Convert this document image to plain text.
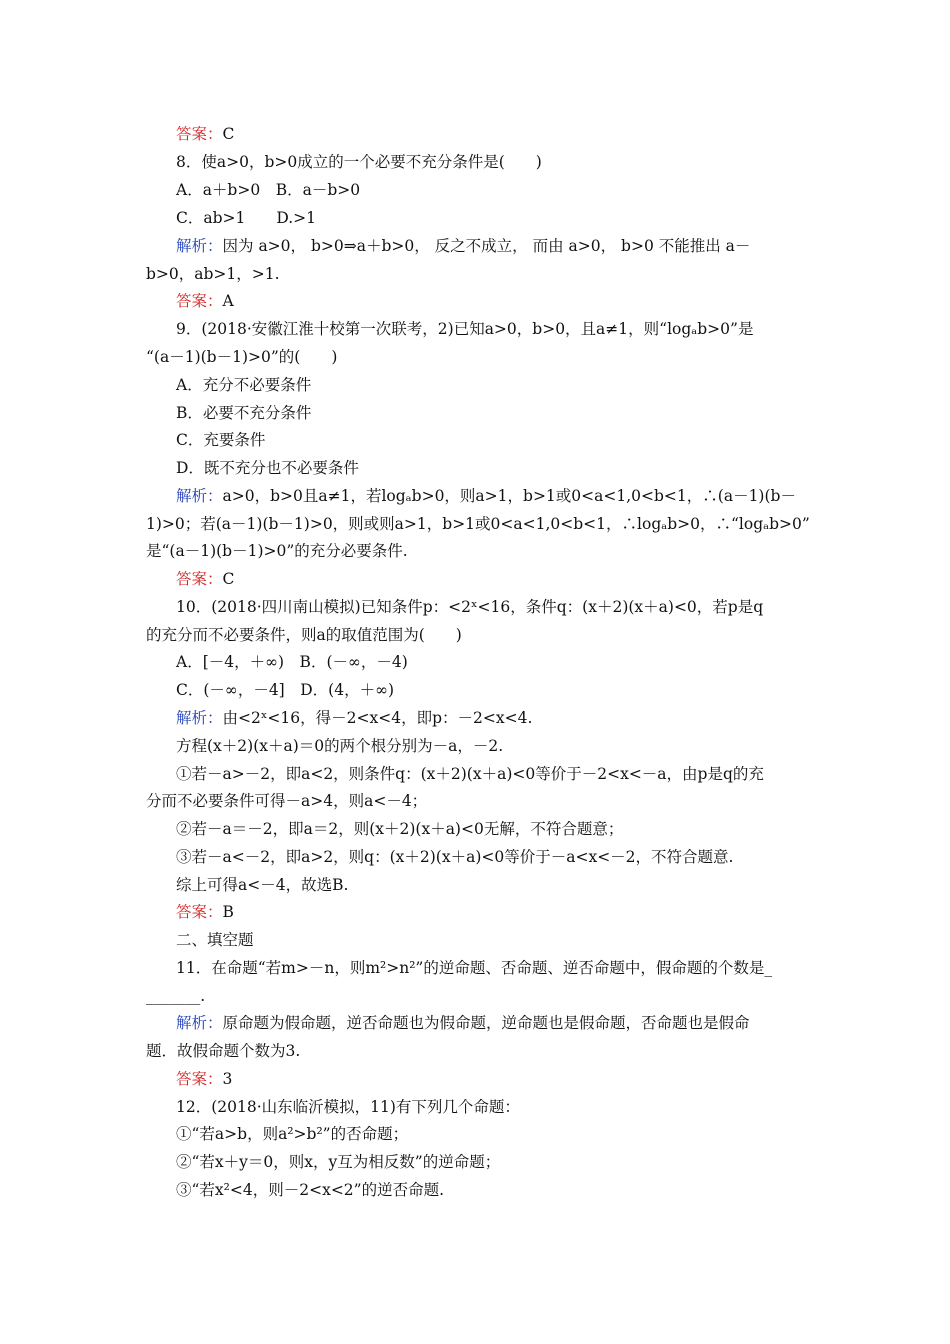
答案：C
8．使a>0，b>0成立的一个必要不充分条件是(　　)
A．a＋b>0　B．a－b>0
C．ab>1　　D.>1
解析：因为 a>0， b>0⇒a＋b>0， 反之不成立， 而由 a>0， b>0 不能推出 a－
b>0，ab>1，>1.
答案：A
9．(2018·安徽江淮十校第一次联考，2)已知a>0，b>0，且a≠1，则“logₐb>0”是
“(a－1)(b－1)>0”的(　　)
A．充分不必要条件
B．必要不充分条件
C．充要条件
D．既不充分也不必要条件
解析：a>0，b>0且a≠1，若logₐb>0，则a>1，b>1或0<a<1,0<b<1，∴(a－1)(b－
1)>0；若(a－1)(b－1)>0，则或则a>1，b>1或0<a<1,0<b<1，∴logₐb>0，∴“logₐb>0”
是“(a－1)(b－1)>0”的充分必要条件.
答案：C
10．(2018·四川南山模拟)已知条件p：<2ˣ<16，条件q：(x＋2)(x＋a)<0，若p是q
的充分而不必要条件，则a的取值范围为(　　)
A．[－4，＋∞)　B．(－∞，－4)
C．(－∞，－4]　D．(4，＋∞)
解析：由<2ˣ<16，得－2<x<4，即p：－2<x<4.
方程(x＋2)(x＋a)＝0的两个根分别为－a，－2.
①若－a>－2，即a<2，则条件q：(x＋2)(x＋a)<0等价于－2<x<－a，由p是q的充
分而不必要条件可得－a>4，则a<－4；
②若－a＝－2，即a＝2，则(x＋2)(x＋a)<0无解，不符合题意；
③若－a<－2，即a>2，则q：(x＋2)(x＋a)<0等价于－a<x<－2，不符合题意.
综上可得a<－4，故选B.
答案：B
二、填空题
11．在命题“若m>－n，则m²>n²”的逆命题、否命题、逆否命题中，假命题的个数是_
_______.
解析：原命题为假命题，逆否命题也为假命题，逆命题也是假命题，否命题也是假命
题．故假命题个数为3.
答案：3
12．(2018·山东临沂模拟，11)有下列几个命题：
①“若a>b，则a²>b²”的否命题；
②“若x＋y＝0，则x，y互为相反数”的逆命题；
③“若x²<4，则－2<x<2”的逆否命题.
